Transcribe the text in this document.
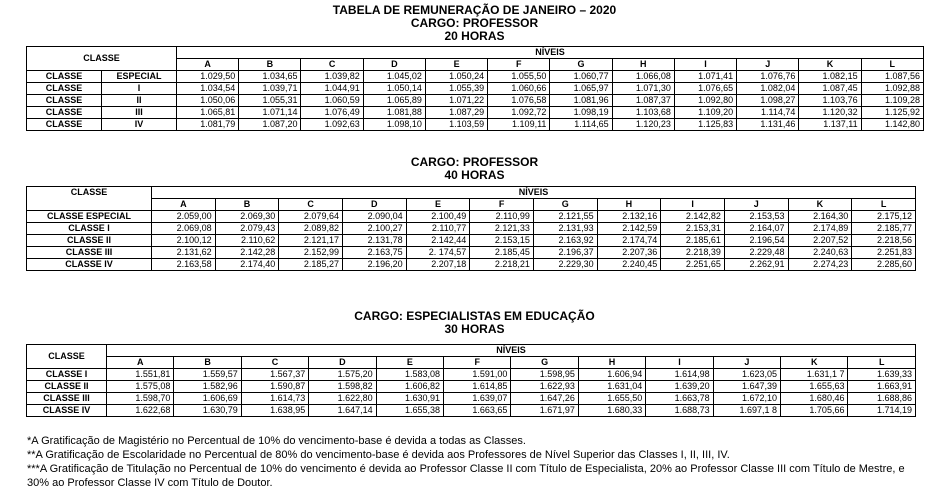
TABELA DE REMUNERAÇÃO DE JANEIRO – 2020
CARGO: PROFESSOR
20 HORAS
CLASSE		NÍVEIS											
		A	B	C	D	E	F	G	H	I	J	K	L
CLASSE	ESPECIAL	1.029,50	1.034,65	1.039,82	1.045,02	1.050,24	1.055,50	1.060,77	1.066,08	1.071,41	1.076,76	1.082,15	1.087,56
CLASSE	I	1.034,54	1.039,71	1.044,91	1.050,14	1.055,39	1.060,66	1.065,97	1.071,30	1.076,65	1.082,04	1.087,45	1.092,88
CLASSE	II	1.050,06	1.055,31	1.060,59	1.065,89	1.071,22	1.076,58	1.081,96	1.087,37	1.092,80	1.098,27	1.103,76	1.109,28
CLASSE	III	1.065,81	1.071,14	1.076,49	1.081,88	1.087,29	1.092,72	1.098,19	1.103,68	1.109,20	1.114,74	1.120,32	1.125,92
CLASSE	IV	1.081,79	1.087,20	1.092,63	1.098,10	1.103,59	1.109,11	1.114,65	1.120,23	1.125,83	1.131,46	1.137,11	1.142,80
CARGO: PROFESSOR
40 HORAS
CLASSE	NÍVEIS											
	A	B	C	D	E	F	G	H	I	J	K	L
CLASSE ESPECIAL	2.059,00	2.069,30	2.079,64	2.090,04	2.100,49	2.110,99	2.121,55	2.132,16	2.142,82	2.153,53	2.164,30	2.175,12
CLASSE I	2.069,08	2.079,43	2.089,82	2.100,27	2.110,77	2.121,33	2.131,93	2.142,59	2.153,31	2.164,07	2.174,89	2.185,77
CLASSE II	2.100,12	2.110,62	2.121,17	2.131,78	2.142,44	2.153,15	2.163,92	2.174,74	2.185,61	2.196,54	2.207,52	2.218,56
CLASSE III	2.131,62	2.142,28	2.152,99	2.163,75	2. 174,57	2.185,45	2.196,37	2.207,36	2.218,39	2.229,48	2.240,63	2.251,83
CLASSE IV	2.163,58	2.174,40	2.185,27	2.196,20	2.207,18	2.218,21	2.229,30	2.240,45	2.251,65	2.262,91	2.274,23	2.285,60
CARGO: ESPECIALISTAS EM EDUCAÇÃO
30 HORAS
CLASSE	NÍVEIS											
	A	B	C	D	E	F	G	H	I	J	K	L
CLASSE I	1.551,81	1.559,57	1.567,37	1.575,20	1.583,08	1.591,00	1.598,95	1.606,94	1.614,98	1.623,05	1.631,1 7	1.639,33
CLASSE II	1.575,08	1.582,96	1.590,87	1.598,82	1.606,82	1.614,85	1.622,93	1.631,04	1.639,20	1.647,39	1.655,63	1.663,91
CLASSE III	1.598,70	1.606,69	1.614,73	1.622,80	1.630,91	1.639,07	1.647,26	1.655,50	1.663,78	1.672,10	1.680,46	1.688,86
CLASSE IV	1.622,68	1.630,79	1.638,95	1.647,14	1.655,38	1.663,65	1.671,97	1.680,33	1.688,73	1.697,1 8	1.705,66	1.714,19

*A Gratificação de Magistério no Percentual de 10% do vencimento-base é devida a todas as Classes.

**A Gratificação de Escolaridade no Percentual de 80% do vencimento-base é devida aos Professores de Nível Superior das Classes I, II, III, IV.

***A Gratificação de Titulação no Percentual de 10% do vencimento é devida ao Professor Classe II com Título de Especialista, 20% ao Professor Classe III com Título de Mestre, e 30% ao Professor Classe IV com Título de Doutor.
